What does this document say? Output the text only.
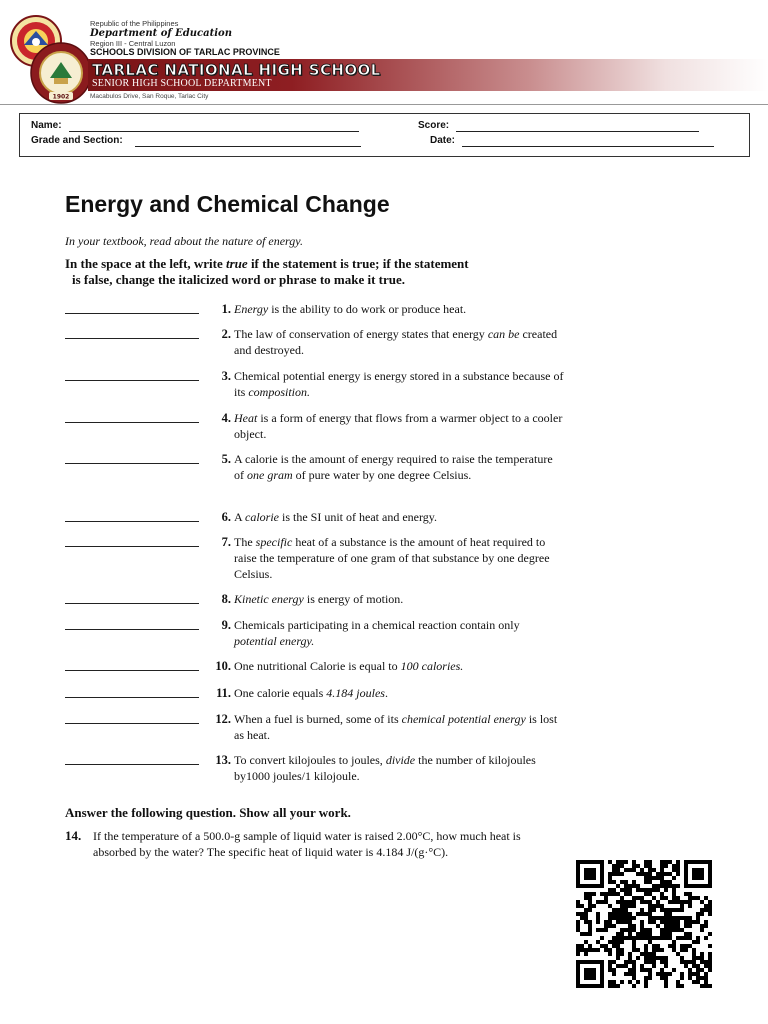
1902
Republic of the Philippines
Department of Education
Region III - Central Luzon
SCHOOLS DIVISION OF TARLAC PROVINCE
TARLAC NATIONAL HIGH SCHOOL
SENIOR HIGH SCHOOL DEPARTMENT
Macabulos Drive, San Roque, Tarlac City
Name:
Grade and Section:
Score:
Date:
Energy and Chemical Change

In your textbook, read about the nature of energy.

In the space at the left, write true if the statement is true; if the statement
is false, change the italicized word or phrase to make it true.

1. Energy is the ability to do work or produce heat.
2. The law of conservation of energy states that energy can be created and destroyed.
3. Chemical potential energy is energy stored in a substance because of its composition.
4. Heat is a form of energy that flows from a warmer object to a cooler object.
5. A calorie is the amount of energy required to raise the temperature of one gram of pure water by one degree Celsius.
6. A calorie is the SI unit of heat and energy.
7. The specific heat of a substance is the amount of heat required to raise the temperature of one gram of that substance by one degree Celsius.
8. Kinetic energy is energy of motion.
9. Chemicals participating in a chemical reaction contain only potential energy.
10. One nutritional Calorie is equal to 100 calories.
11. One calorie equals 4.184 joules.
12. When a fuel is burned, some of its chemical potential energy is lost as heat.
13. To convert kilojoules to joules, divide the number of kilojoules by1000 joules/1 kilojoule.

Answer the following question. Show all your work.

14. If the temperature of a 500.0-g sample of liquid water is raised 2.00°C, how much heat is absorbed by the water? The specific heat of liquid water is 4.184 J/(g·°C).
